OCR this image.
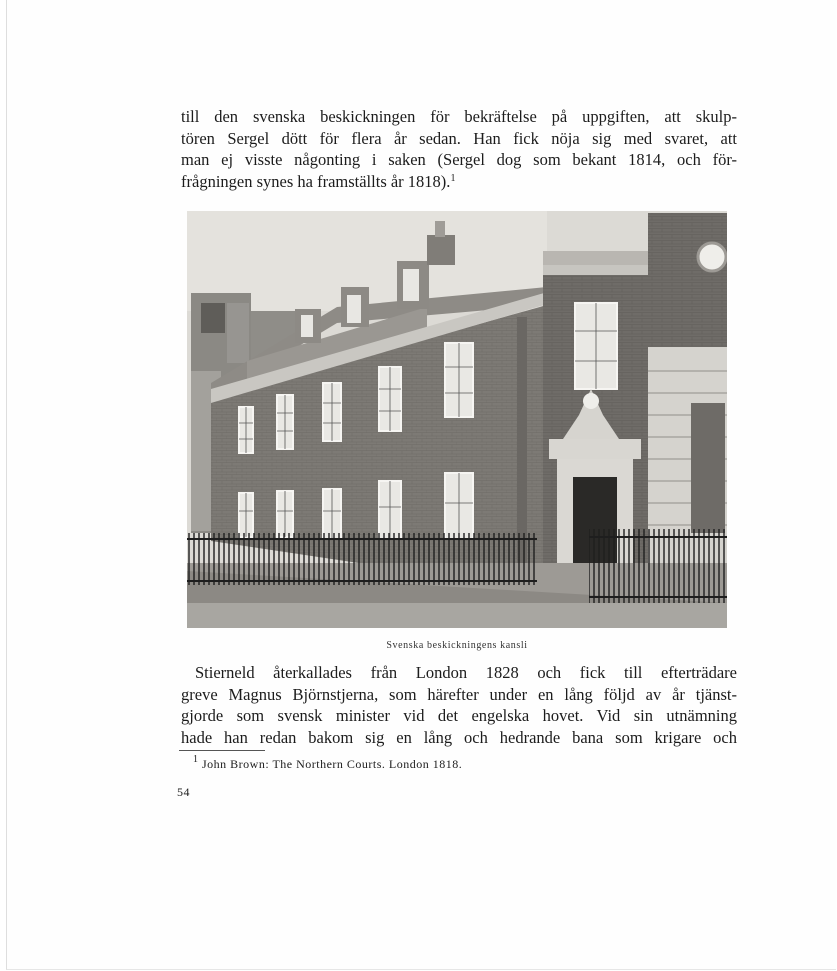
till den svenska beskickningen för bekräftelse på uppgiften, att skulp-
tören Sergel dött för flera år sedan. Han fick nöja sig med svaret, att
man ej visste någonting i saken (Sergel dog som bekant 1814, och för-
frågningen synes ha framställts år 1818).$^1$

Svenska beskickningens kansli

Stierneld återkallades från London 1828 och fick till efterträdare
greve Magnus Björnstjerna, som härefter under en lång följd av år tjänst-
gjorde som svensk minister vid det engelska hovet. Vid sin utnämning
hade han redan bakom sig en lång och hedrande bana som krigare och

$^1$ John Brown: The Northern Courts. London 1818.
54
